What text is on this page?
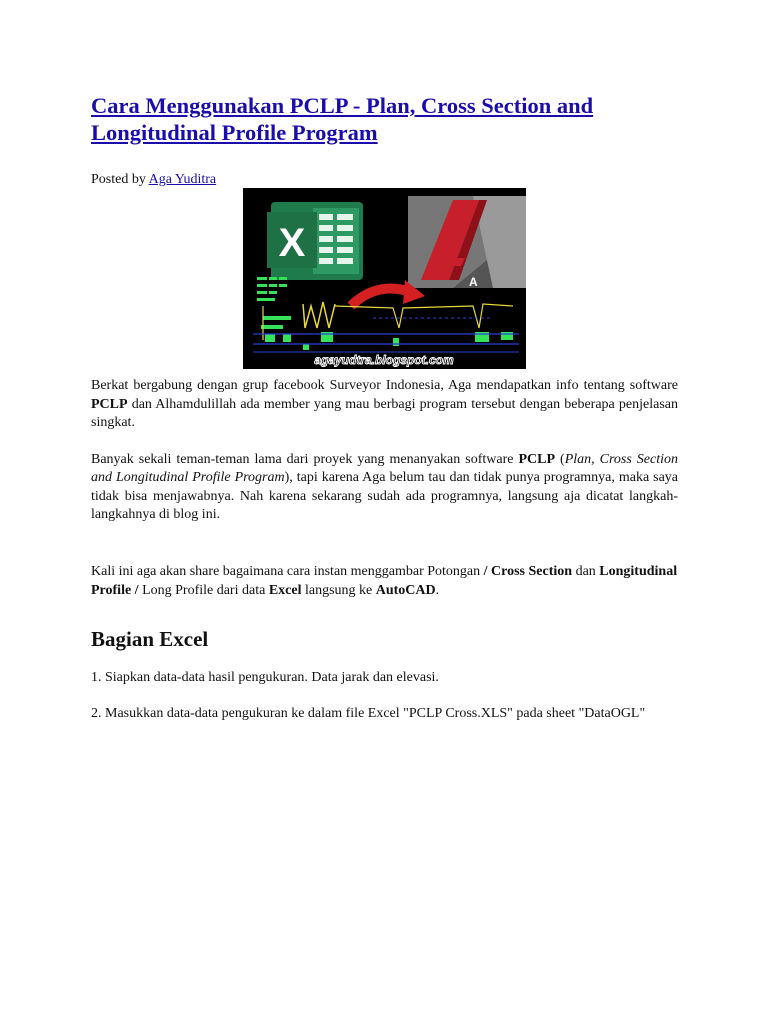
Cara Menggunakan PCLP - Plan, Cross Section and Longitudinal Profile Program
Posted by Aga Yuditra
X
A
agayudtra.blogspot.com

Berkat bergabung dengan grup facebook Surveyor Indonesia, Aga mendapatkan info tentang software PCLP dan Alhamdulillah ada member yang mau berbagi program tersebut dengan beberapa penjelasan singkat.

Banyak sekali teman-teman lama dari proyek yang menanyakan software PCLP (Plan, Cross Section and Longitudinal Profile Program), tapi karena Aga belum tau dan tidak punya programnya, maka saya tidak bisa menjawabnya. Nah karena sekarang sudah ada programnya, langsung aja dicatat langkah-langkahnya di blog ini.

Kali ini aga akan share bagaimana cara instan menggambar Potongan / Cross Section dan Longitudinal Profile / Long Profile dari data Excel langsung ke AutoCAD.

Bagian Excel

1. Siapkan data-data hasil pengukuran. Data jarak dan elevasi.

2. Masukkan data-data pengukuran ke dalam file Excel "PCLP Cross.XLS" pada sheet "DataOGL"
